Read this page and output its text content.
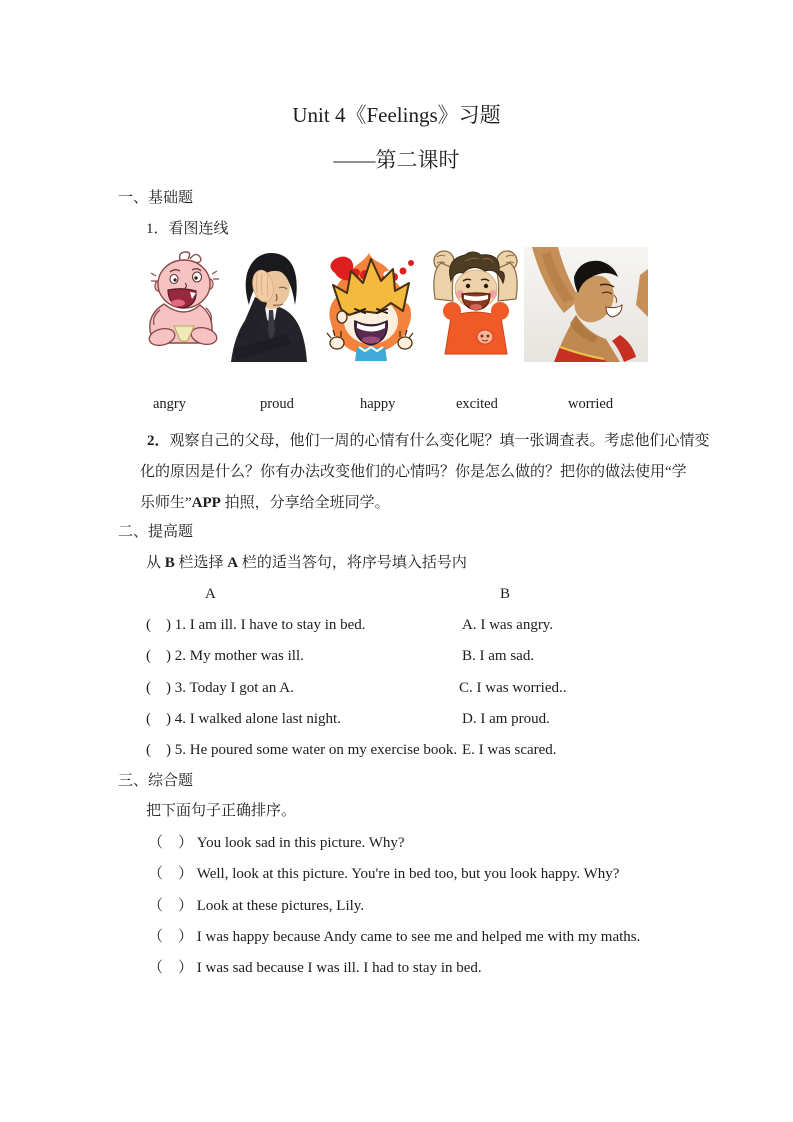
Unit 4《Feelings》习题
——第二课时
一、基础题
1．看图连线
angry	proud	happy	excited	worried
2．观察自己的父母，他们一周的心情有什么变化呢？填一张调查表。考虑他们心情变
化的原因是什么？你有办法改变他们的心情吗？你是怎么做的？把你的做法使用“学
乐师生”APP 拍照，分享给全班同学。
二、提高题
从 B 栏选择 A 栏的适当答句，将序号填入括号内
A	B
(    ) 1. I am ill. I have to stay in bed.	A. I was angry.
(    ) 2. My mother was ill.	B. I am sad.
(    ) 3. Today I got an A.	C. I was worried..
(    ) 4. I walked alone last night.	D. I am proud.
(    ) 5. He poured some water on my exercise book. E. I was scared.
三、综合题
把下面句子正确排序。
（　） You look sad in this picture. Why?
（　） Well, look at this picture. You're in bed too, but you look happy. Why?
（　） Look at these pictures, Lily.
（　） I was happy because Andy came to see me and helped me with my maths.
（　） I was sad because I was ill. I had to stay in bed.
